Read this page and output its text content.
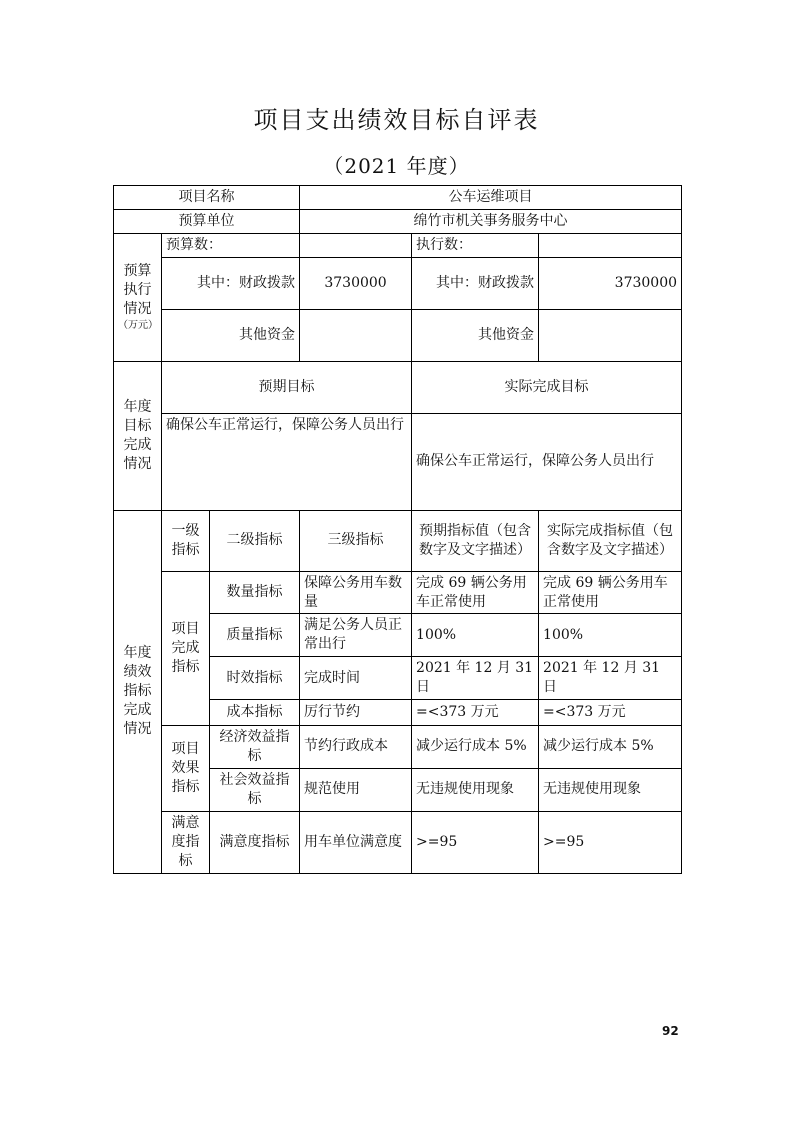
项目支出绩效目标自评表
（2021 年度）
项目名称			公车运维项目		
预算单位			绵竹市机关事务服务中心		

预算执行情况
（万元）	预算数：			执行数：	
	其中：财政拨款		3730000	其中：财政拨款	3730000
	其他资金			其他资金	
年度目标完成情况	预期目标			实际完成目标	
	确保公车正常运行，保障公务人员出行			确保公车正常运行，保障公务人员出行	
年度绩效指标完成情况	一级指标	二级指标	三级指标	预期指标值（包含数字及文字描述）	实际完成指标值（包含数字及文字描述）
	项目完成指标	数量指标	保障公务用车数量	完成 69 辆公务用车正常使用	完成 69 辆公务用车正常使用
		质量指标	满足公务人员正常出行	100%	100%
		时效指标	完成时间	2021 年 12 月 31 日	2021 年 12 月 31 日
		成本指标	厉行节约	=<373 万元	=<373 万元
	项目效果指标	经济效益指标	节约行政成本	减少运行成本 5%	减少运行成本 5%
		社会效益指标	规范使用	无违规使用现象	无违规使用现象
	满意度指标	满意度指标	用车单位满意度	>=95	>=95
92
